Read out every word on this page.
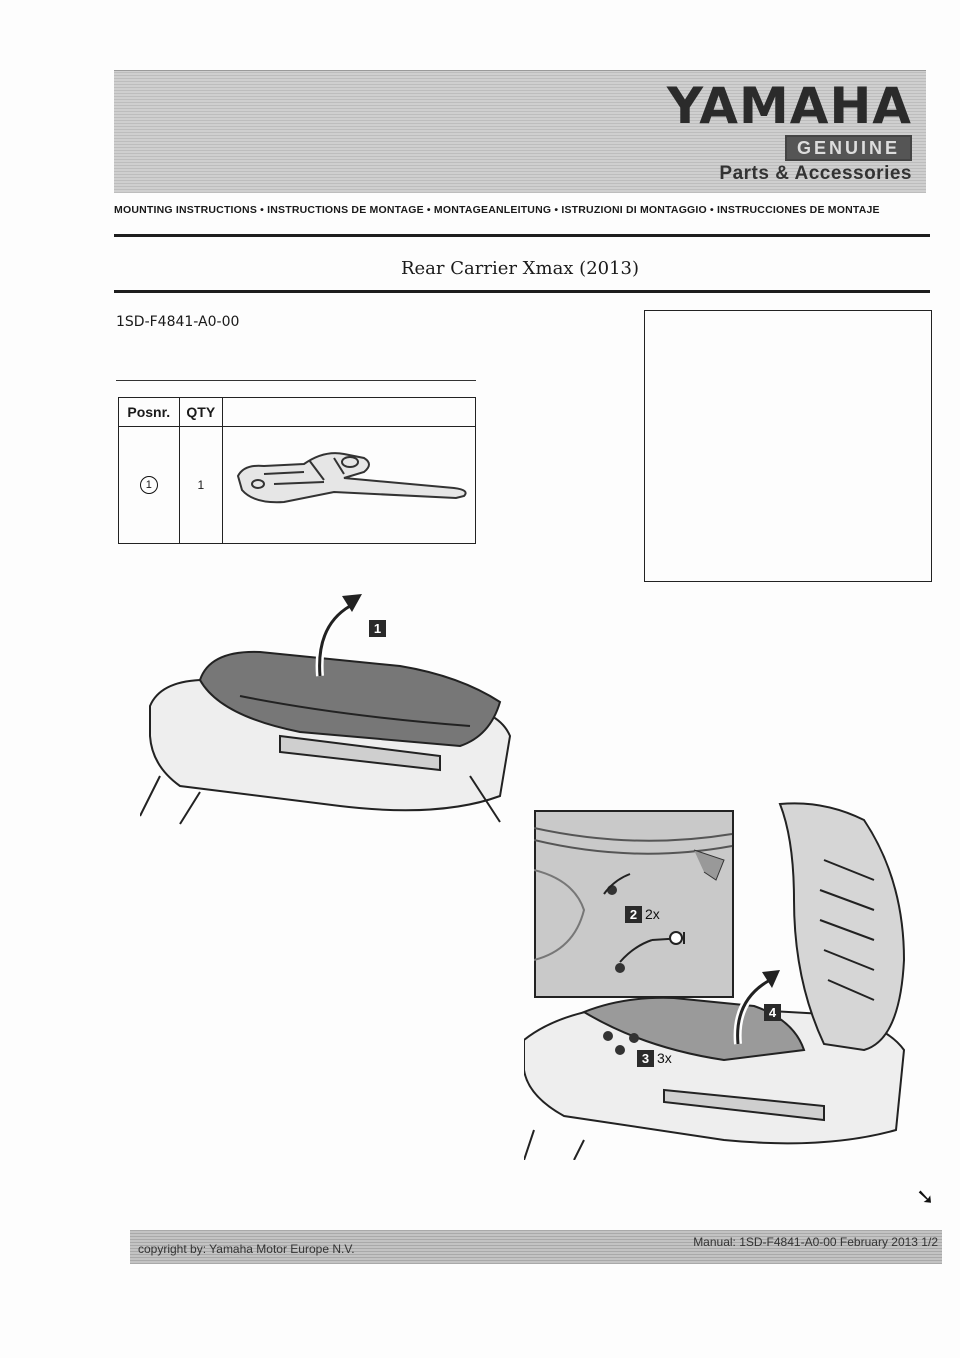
YAMAHA
GENUINE
Parts & Accessories
MOUNTING INSTRUCTIONS • INSTRUCTIONS DE MONTAGE • MONTAGEANLEITUNG • ISTRUZIONI DI MONTAGGIO • INSTRUCCIONES DE MONTAJE
Rear Carrier Xmax (2013)
1SD-F4841-A0-00
Posnr.	QTY	
1	1	
1
2 2x
3 3x
4
➘
copyright by: Yamaha Motor Europe N.V.	Manual: 1SD-F4841-A0-00 February 2013 1/2
